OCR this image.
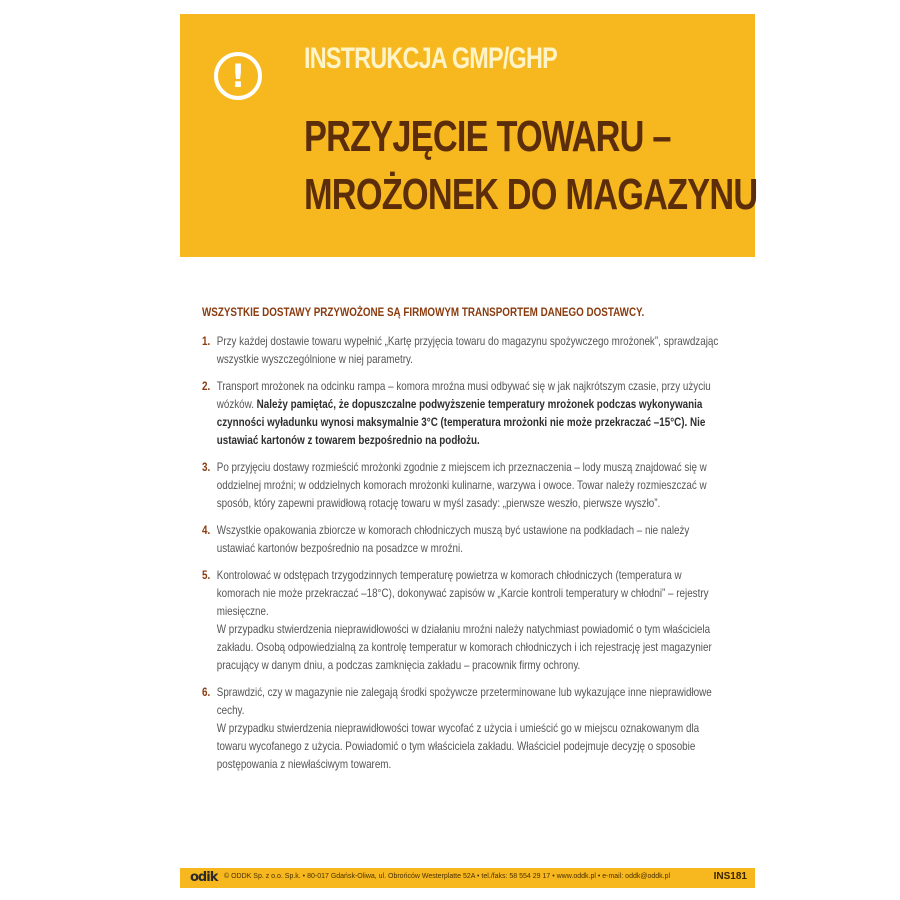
!	INSTRUKCJA GMP/GHP
PRZYJĘCIE TOWARU –
MROŻONEK DO MAGAZYNU
WSZYSTKIE DOSTAWY PRZYWOŻONE SĄ FIRMOWYM TRANSPORTEM DANEGO DOSTAWCY.
1. Przy każdej dostawie towaru wypełnić „Kartę przyjęcia towaru do magazynu spożywczego mrożonek”, sprawdzając wszystkie wyszczególnione w niej parametry.
2. Transport mrożonek na odcinku rampa – komora mroźna musi odbywać się w jak najkrótszym czasie, przy użyciu wózków. Należy pamiętać, że dopuszczalne podwyższenie temperatury mrożonek podczas wykonywania czynności wyładunku wynosi maksymalnie 3°C (temperatura mrożonki nie może przekraczać –15°C). Nie ustawiać kartonów z towarem bezpośrednio na podłożu.
3. Po przyjęciu dostawy rozmieścić mrożonki zgodnie z miejscem ich przeznaczenia – lody muszą znajdować się w oddzielnej mroźni; w oddzielnych komorach mrożonki kulinarne, warzywa i owoce. Towar należy rozmieszczać w sposób, który zapewni prawidłową rotację towaru w myśl zasady: „pierwsze weszło, pierwsze wyszło”.
4. Wszystkie opakowania zbiorcze w komorach chłodniczych muszą być ustawione na podkładach – nie należy ustawiać kartonów bezpośrednio na posadzce w mroźni.
5. Kontrolować w odstępach trzygodzinnych temperaturę powietrza w komorach chłodniczych (temperatura w komorach nie może przekraczać –18°C), dokonywać zapisów w „Karcie kontroli temperatury w chłodni” – rejestry miesięczne.
W przypadku stwierdzenia nieprawidłowości w działaniu mroźni należy natychmiast powiadomić o tym właściciela zakładu. Osobą odpowiedzialną za kontrolę temperatur w komorach chłodniczych i ich rejestrację jest magazynier pracujący w danym dniu, a podczas zamknięcia zakładu – pracownik firmy ochrony.
6. Sprawdzić, czy w magazynie nie zalegają środki spożywcze przeterminowane lub wykazujące inne nieprawidłowe cechy.
W przypadku stwierdzenia nieprawidłowości towar wycofać z użycia i umieścić go w miejscu oznakowanym dla towaru wycofanego z użycia. Powiadomić o tym właściciela zakładu. Właściciel podejmuje decyzję o sposobie postępowania z niewłaściwym towarem.
odik © ODDK Sp. z o.o. Sp.k. • 80-017 Gdańsk-Oliwa, ul. Obrońców Westerplatte 52A • tel./faks: 58 554 29 17 • www.oddk.pl • e-mail: oddk@oddk.pl	INS181
